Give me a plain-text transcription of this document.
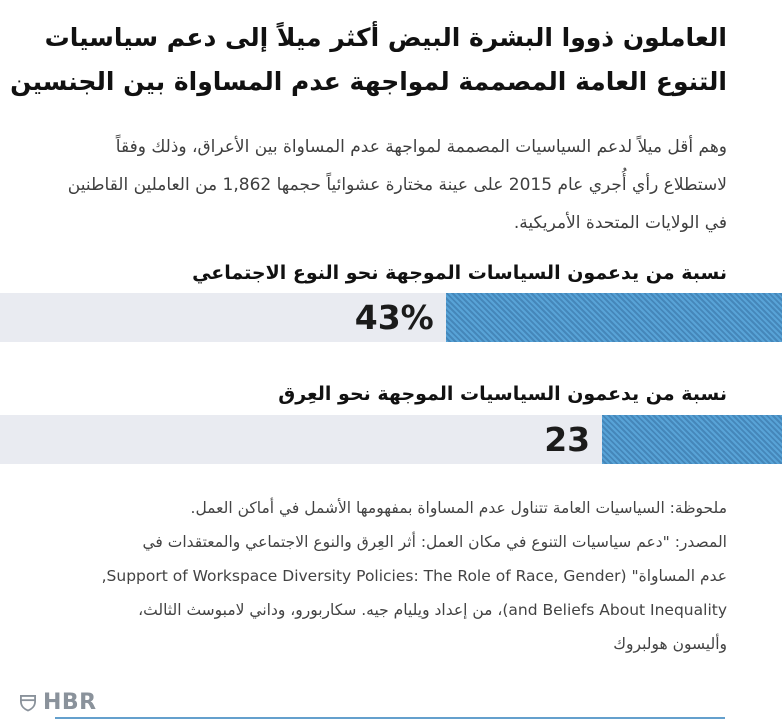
العاملون ذووا البشرة البيض أكثر ميلاً إلى دعم سياسيات
التنوع العامة المصممة لمواجهة عدم المساواة بين الجنسين
وهم أقل ميلاً لدعم السياسيات المصممة لمواجهة عدم المساواة بين الأعراق، وذلك وفقاً
لاستطلاع رأي أُجري عام 2015 على عينة مختارة عشوائياً حجمها 1,862 من العاملين القاطنين
في الولايات المتحدة الأمريكية.
نسبة من يدعمون السياسات الموجهة نحو النوع الاجتماعي
43%
نسبة من يدعمون السياسيات الموجهة نحو العِرق
23
ملحوظة: السياسيات العامة تتناول عدم المساواة بمفهومها الأشمل في أماكن العمل.
المصدر: "دعم سياسيات التنوع في مكان العمل: أثر العِرق والنوع الاجتماعي والمعتقدات في
عدم المساواة" (Support of Workspace Diversity Policies: The Role of Race, Gender,
and Beliefs About Inequality)، من إعداد ويليام جيه. سكاربورو، وداني لامبوسث الثالث،
وأليسون هولبروك
HBR
